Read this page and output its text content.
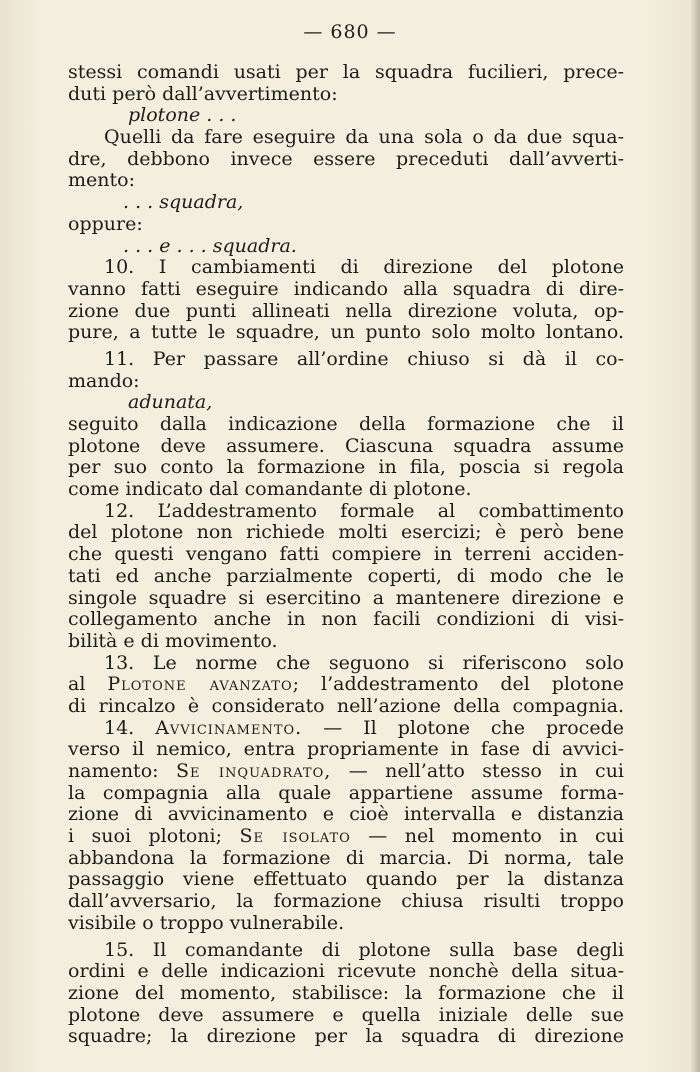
— 680 —
stessi comandi usati per la squadra fucilieri, prece-
duti però dall’avvertimento:
plotone . . .
Quelli da fare eseguire da una sola o da due squa-
dre, debbono invece essere preceduti dall’avverti-
mento:
. . . squadra,
oppure:
. . . e . . . squadra.
10. I cambiamenti di direzione del plotone
vanno fatti eseguire indicando alla squadra di dire-
zione due punti allineati nella direzione voluta, op-
pure, a tutte le squadre, un punto solo molto lontano.
11. Per passare all’ordine chiuso si dà il co-
mando:
adunata,
seguito dalla indicazione della formazione che il
plotone deve assumere. Ciascuna squadra assume
per suo conto la formazione in fila, poscia si regola
come indicato dal comandante di plotone.
12. L’addestramento formale al combattimento
del plotone non richiede molti esercizi; è però bene
che questi vengano fatti compiere in terreni acciden-
tati ed anche parzialmente coperti, di modo che le
singole squadre si esercitino a mantenere direzione e
collegamento anche in non facili condizioni di visi-
bilità e di movimento.
13. Le norme che seguono si riferiscono solo
al Plotone avanzato; l’addestramento del plotone
di rincalzo è considerato nell’azione della compagnia.
14. Avvicinamento. — Il plotone che procede
verso il nemico, entra propriamente in fase di avvici-
namento: Se inquadrato, — nell’atto stesso in cui
la compagnia alla quale appartiene assume forma-
zione di avvicinamento e cioè intervalla e distanzia
i suoi plotoni; Se isolato — nel momento in cui
abbandona la formazione di marcia. Di norma, tale
passaggio viene effettuato quando per la distanza
dall’avversario, la formazione chiusa risulti troppo
visibile o troppo vulnerabile.
15. Il comandante di plotone sulla base degli
ordini e delle indicazioni ricevute nonchè della situa-
zione del momento, stabilisce: la formazione che il
plotone deve assumere e quella iniziale delle sue
squadre; la direzione per la squadra di direzione
